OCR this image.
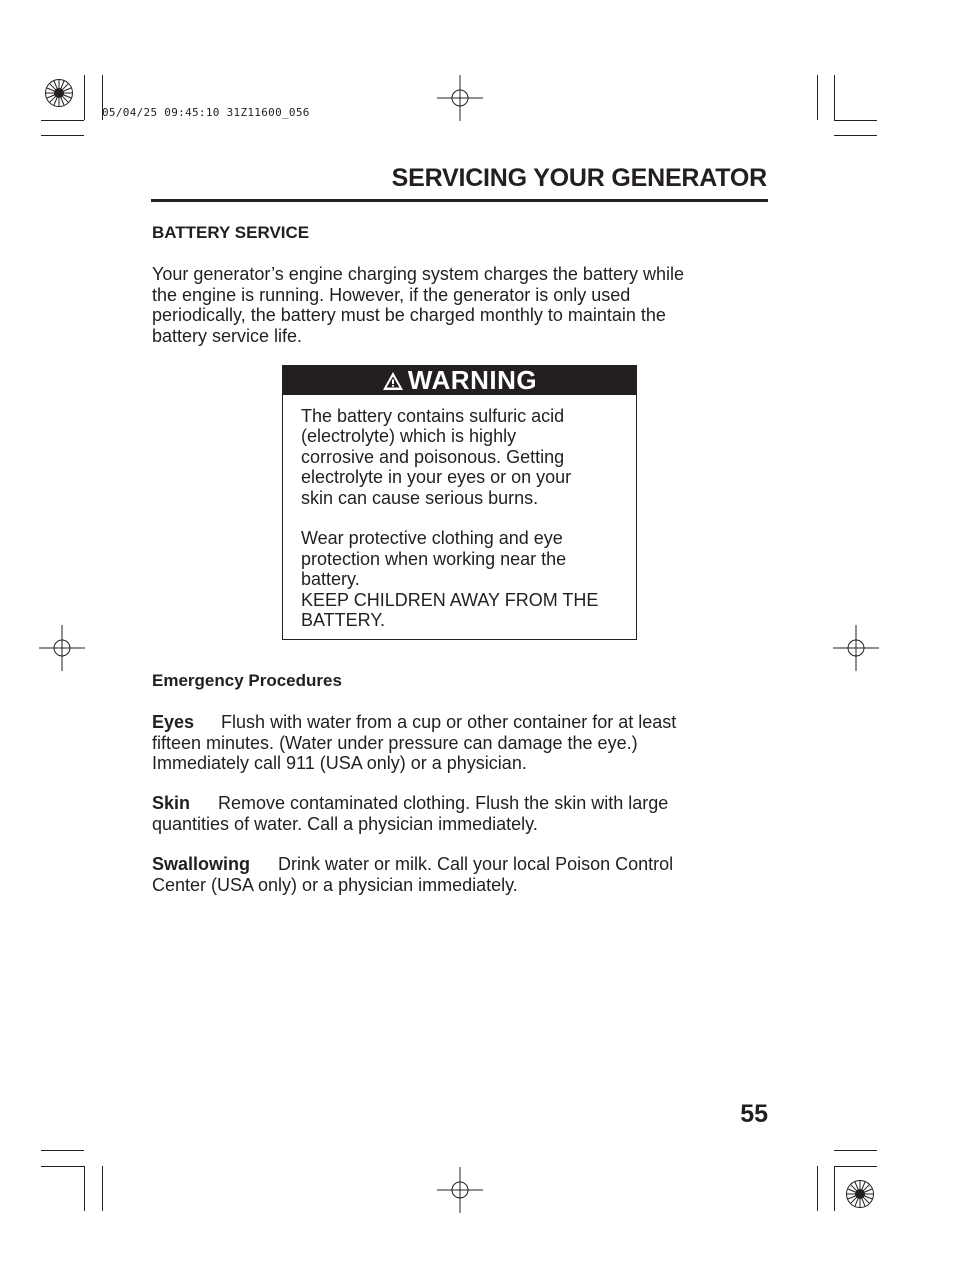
05/04/25 09:45:10 31Z11600_056
SERVICING YOUR GENERATOR
BATTERY SERVICE
Your generator’s engine charging system charges the battery while
the engine is running. However, if the generator is only used
periodically, the battery must be charged monthly to maintain the
battery service life.
WARNING
The battery contains sulfuric acid
(electrolyte) which is highly
corrosive and poisonous. Getting
electrolyte in your eyes or on your
skin can cause serious burns.
Wear protective clothing and eye
protection when working near the
battery.
KEEP CHILDREN AWAY FROM THE
BATTERY.
Emergency Procedures
Eyes Flush with water from a cup or other container for at least
fifteen minutes. (Water under pressure can damage the eye.)
Immediately call 911 (USA only) or a physician.
Skin Remove contaminated clothing. Flush the skin with large
quantities of water. Call a physician immediately.
Swallowing Drink water or milk. Call your local Poison Control
Center (USA only) or a physician immediately.
55
